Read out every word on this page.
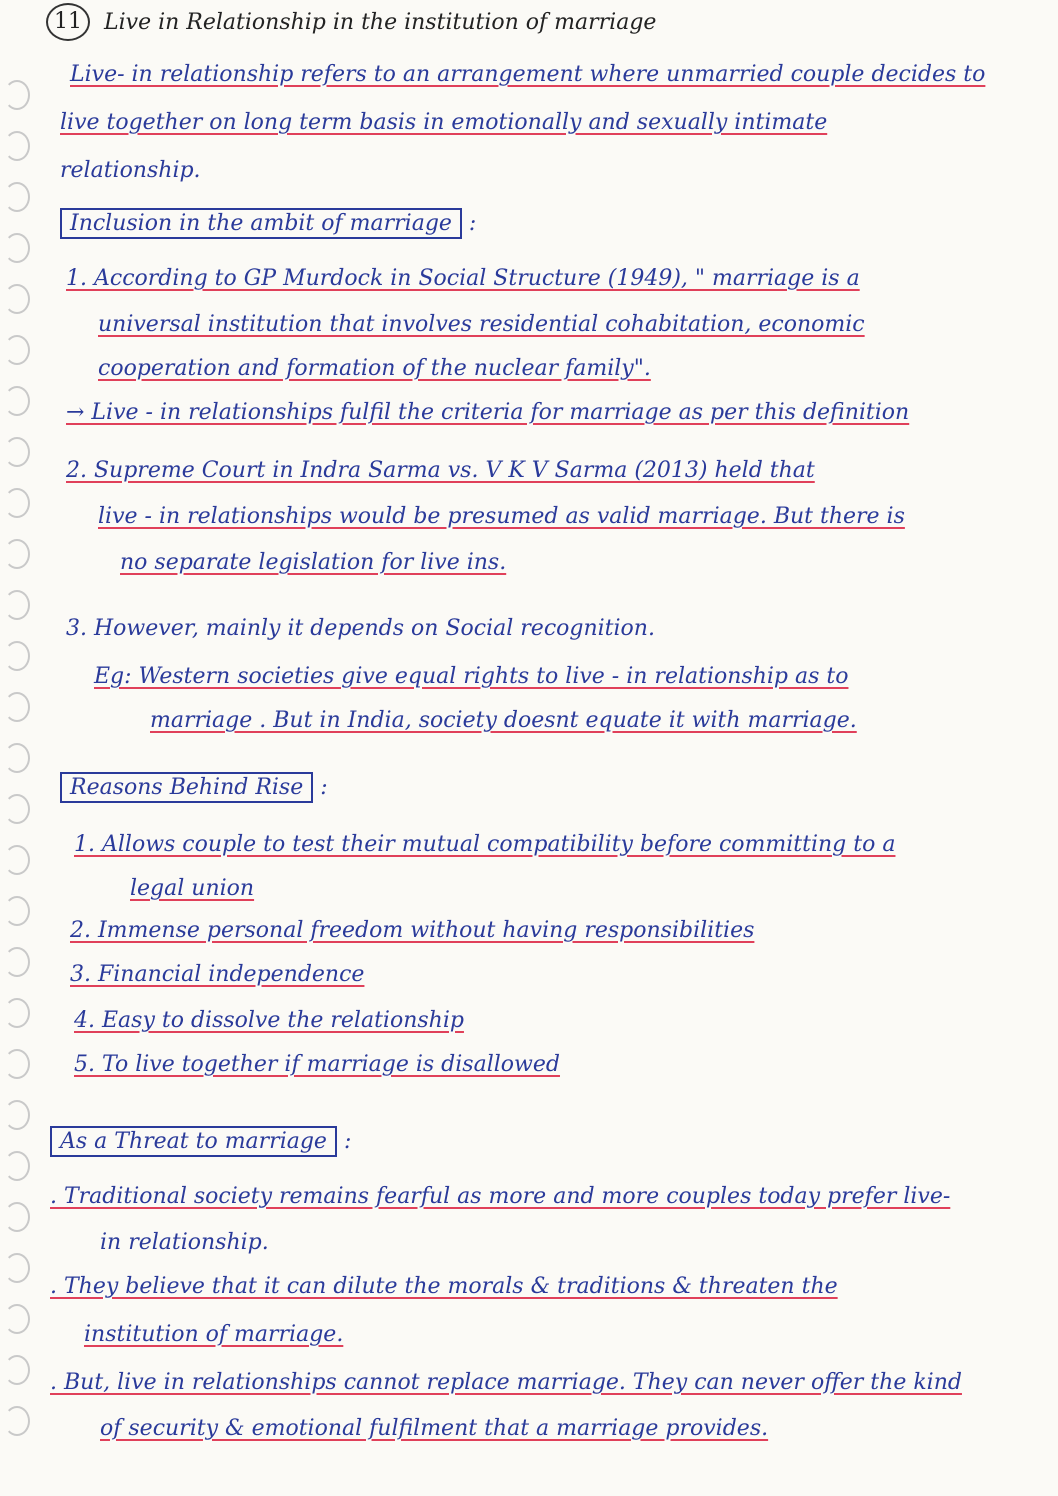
11	Live in Relationship in the institution of marriage
Live- in relationship refers to an arrangement where unmarried couple decides to
live together on long term basis in emotionally and sexually intimate
relationship.
Inclusion in the ambit of marriage :
1. According to GP Murdock in Social Structure (1949), " marriage is a
universal institution that involves residential cohabitation, economic
cooperation and formation of the nuclear family".
→ Live - in relationships fulfil the criteria for marriage as per this definition
2. Supreme Court in Indra Sarma vs. V K V Sarma (2013) held that
live - in relationships would be presumed as valid marriage. But there is
no separate legislation for live ins.
3. However, mainly it depends on Social recognition.
Eg: Western societies give equal rights to live - in relationship as to
marriage . But in India, society doesnt equate it with marriage.
Reasons Behind Rise :
1. Allows couple to test their mutual compatibility before committing to a
legal union
2. Immense personal freedom without having responsibilities
3. Financial independence
4. Easy to dissolve the relationship
5. To live together if marriage is disallowed
As a Threat to marriage :
. Traditional society remains fearful as more and more couples today prefer live-
in relationship.
. They believe that it can dilute the morals & traditions & threaten the
institution of marriage.
. But, live in relationships cannot replace marriage. They can never offer the kind
of security & emotional fulfilment that a marriage provides.
